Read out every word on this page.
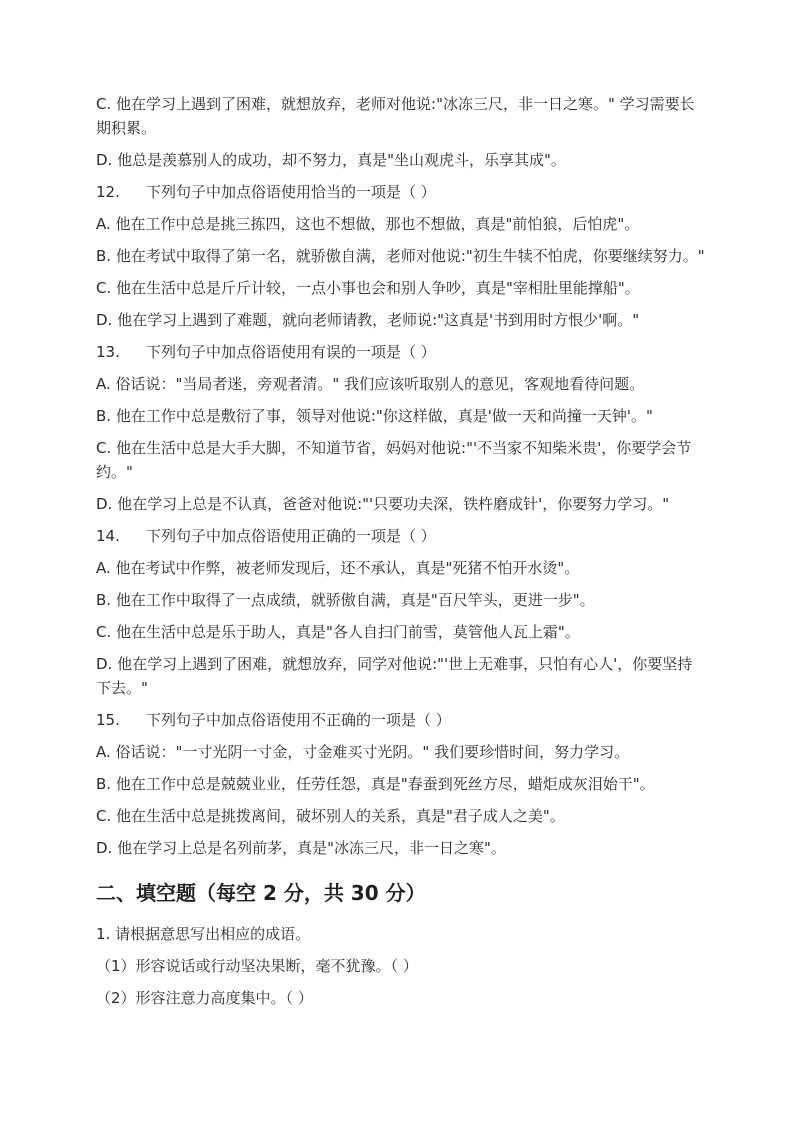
C. 他在学习上遇到了困难，就想放弃，老师对他说:"冰冻三尺，非一日之寒。" 学习需要长
期积累。
D. 他总是羡慕别人的成功，却不努力，真是"坐山观虎斗，乐享其成"。
12. 下列句子中加点俗语使用恰当的一项是（ ）
A. 他在工作中总是挑三拣四，这也不想做，那也不想做，真是"前怕狼，后怕虎"。
B. 他在考试中取得了第一名，就骄傲自满，老师对他说:"初生牛犊不怕虎，你要继续努力。"
C. 他在生活中总是斤斤计较，一点小事也会和别人争吵，真是"宰相肚里能撑船"。
D. 他在学习上遇到了难题，就向老师请教，老师说:"这真是'书到用时方恨少'啊。"
13. 下列句子中加点俗语使用有误的一项是（ ）
A. 俗话说："当局者迷，旁观者清。" 我们应该听取别人的意见，客观地看待问题。
B. 他在工作中总是敷衍了事，领导对他说:"你这样做，真是'做一天和尚撞一天钟'。"
C. 他在生活中总是大手大脚，不知道节省，妈妈对他说:"'不当家不知柴米贵'，你要学会节
约。"
D. 他在学习上总是不认真，爸爸对他说:"'只要功夫深，铁杵磨成针'，你要努力学习。"
14. 下列句子中加点俗语使用正确的一项是（ ）
A. 他在考试中作弊，被老师发现后，还不承认，真是"死猪不怕开水烫"。
B. 他在工作中取得了一点成绩，就骄傲自满，真是"百尺竿头，更进一步"。
C. 他在生活中总是乐于助人，真是"各人自扫门前雪，莫管他人瓦上霜"。
D. 他在学习上遇到了困难，就想放弃，同学对他说:"'世上无难事，只怕有心人'，你要坚持
下去。"
15. 下列句子中加点俗语使用不正确的一项是（ ）
A. 俗话说："一寸光阴一寸金，寸金难买寸光阴。" 我们要珍惜时间，努力学习。
B. 他在工作中总是兢兢业业，任劳任怨，真是"春蚕到死丝方尽，蜡炬成灰泪始干"。
C. 他在生活中总是挑拨离间，破坏别人的关系，真是"君子成人之美"。
D. 他在学习上总是名列前茅，真是"冰冻三尺，非一日之寒"。
二、填空题（每空 2 分，共 30 分）
1. 请根据意思写出相应的成语。
（1）形容说话或行动坚决果断，毫不犹豫。（ ）
（2）形容注意力高度集中。（ ）
